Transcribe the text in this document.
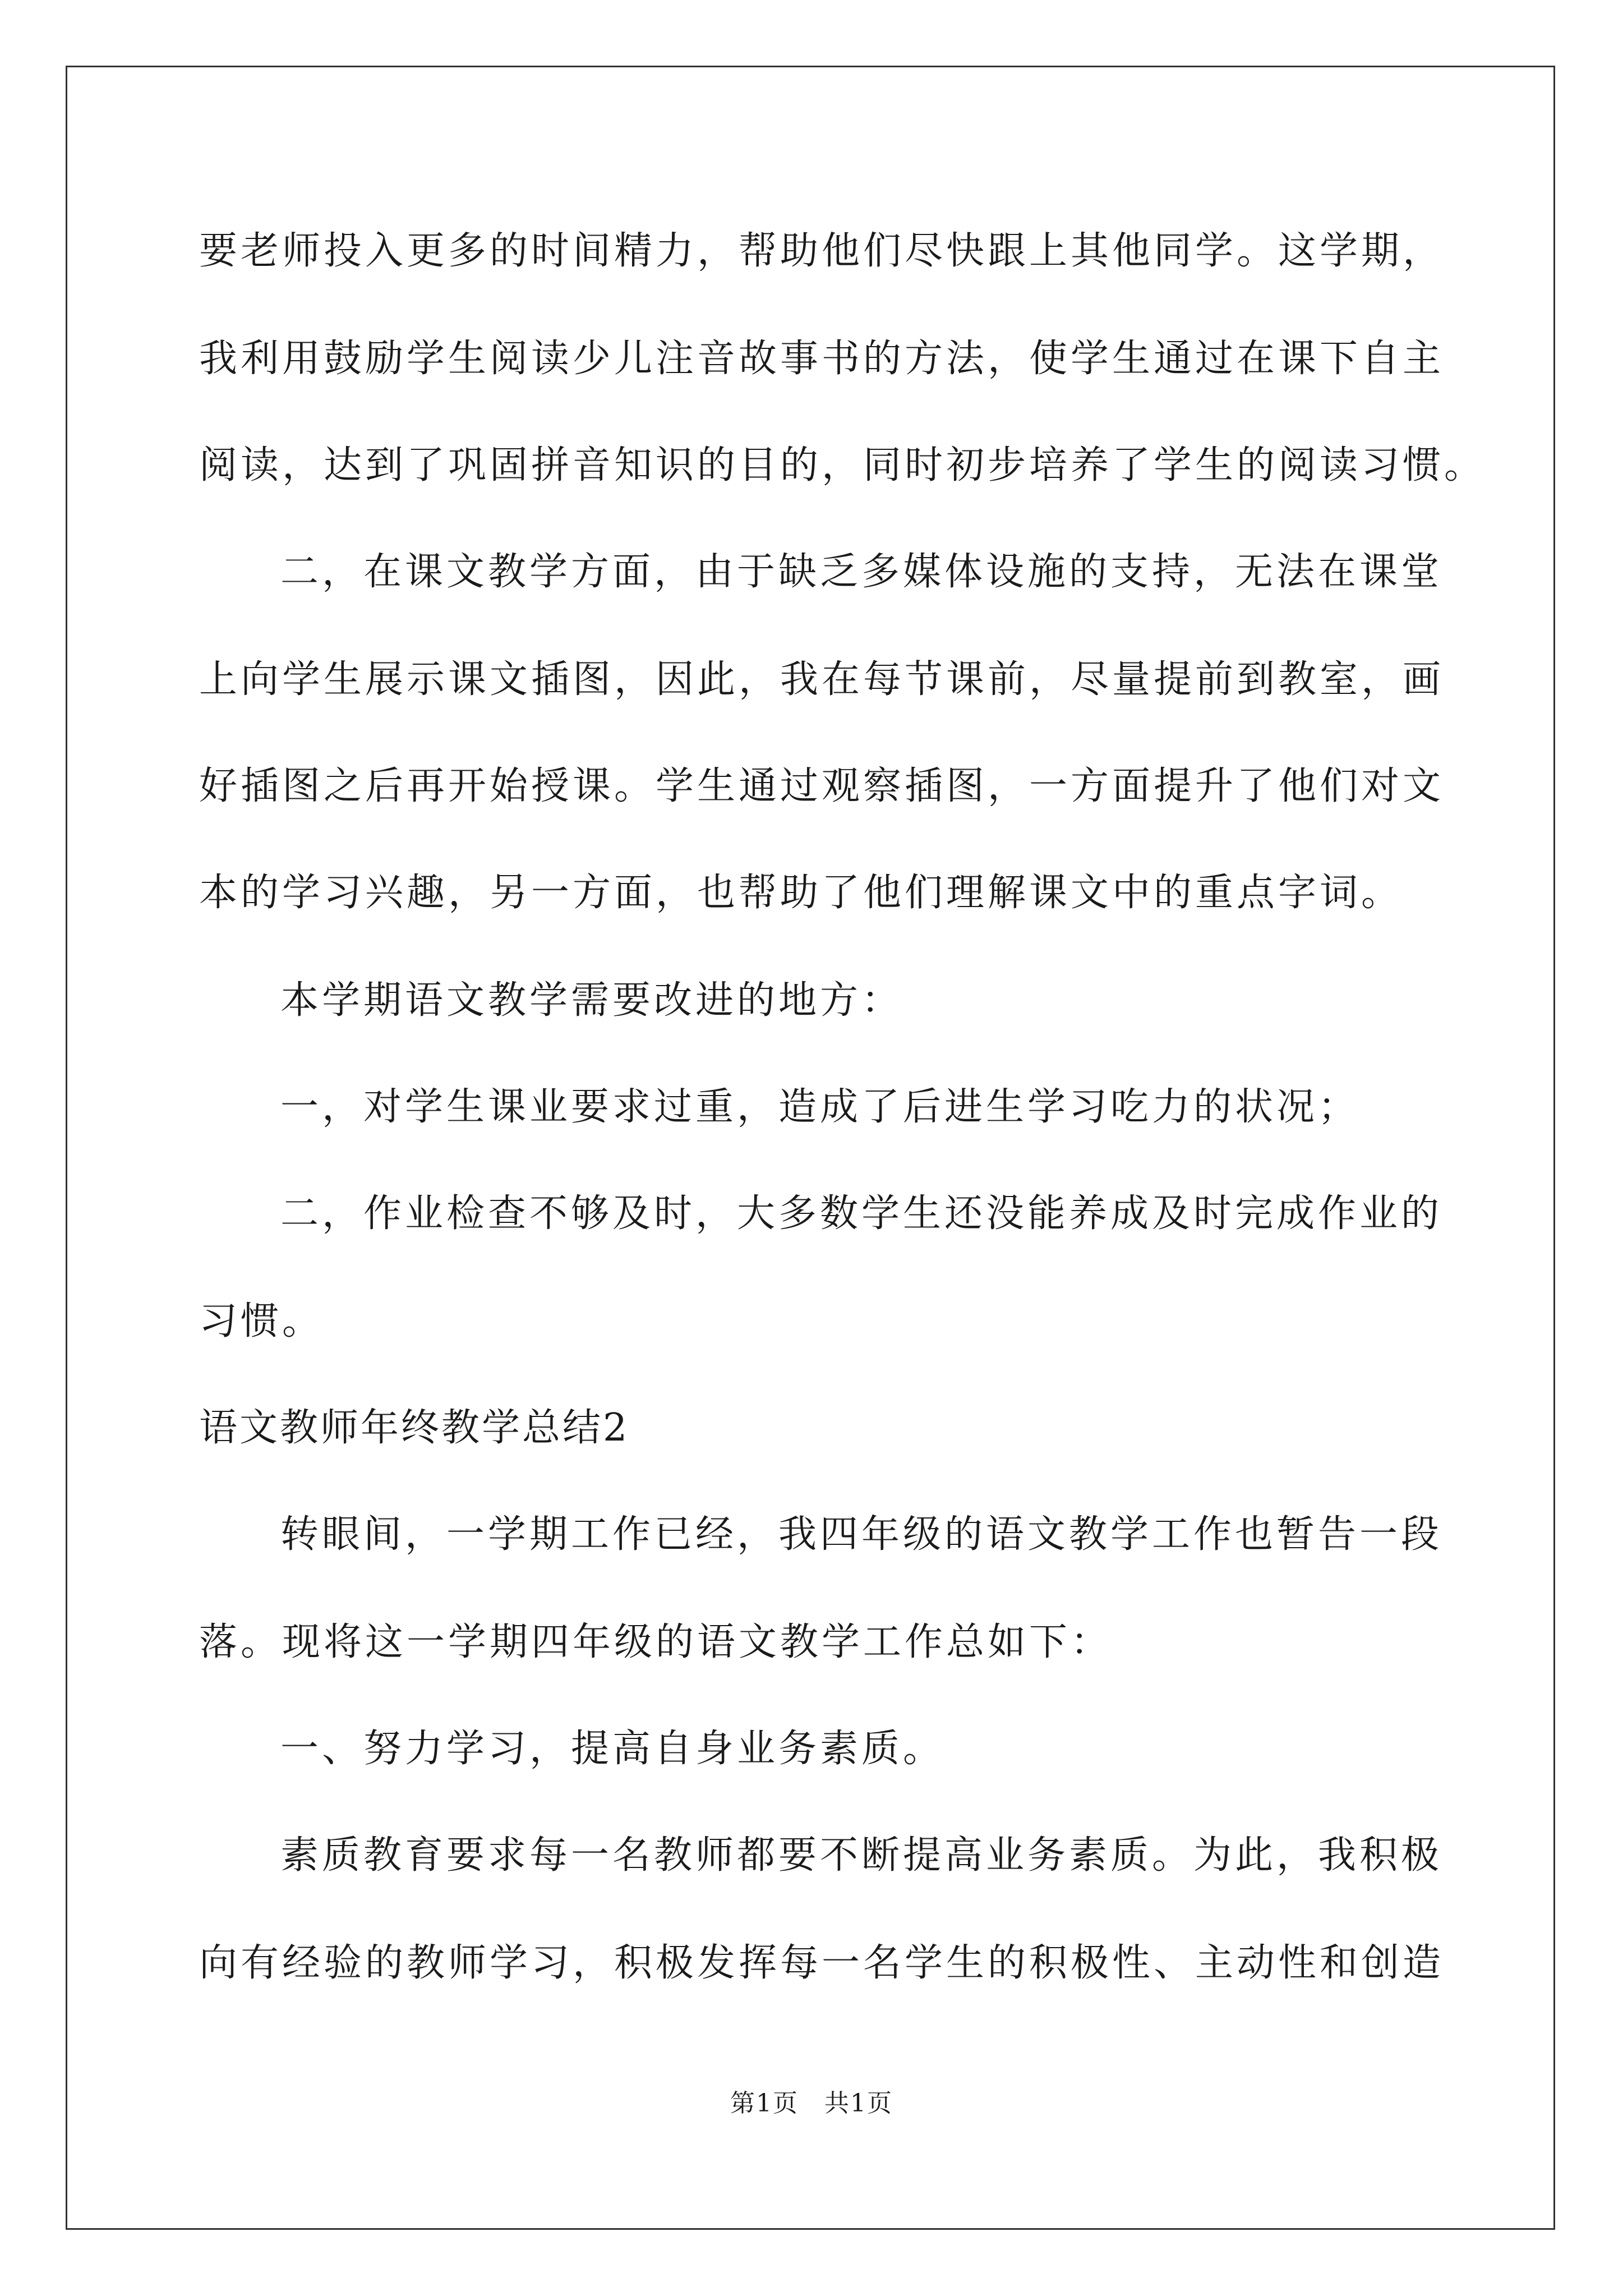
要老师投入更多的时间精力，帮助他们尽快跟上其他同学。这学期，
我利用鼓励学生阅读少儿注音故事书的方法，使学生通过在课下自主
阅读，达到了巩固拼音知识的目的，同时初步培养了学生的阅读习惯。
二，在课文教学方面，由于缺乏多媒体设施的支持，无法在课堂
上向学生展示课文插图，因此，我在每节课前，尽量提前到教室，画
好插图之后再开始授课。学生通过观察插图，一方面提升了他们对文
本的学习兴趣，另一方面，也帮助了他们理解课文中的重点字词。
本学期语文教学需要改进的地方：
一，对学生课业要求过重，造成了后进生学习吃力的状况；
二，作业检查不够及时，大多数学生还没能养成及时完成作业的
习惯。
语文教师年终教学总结2
转眼间，一学期工作已经，我四年级的语文教学工作也暂告一段
落。现将这一学期四年级的语文教学工作总如下：
一、努力学习，提高自身业务素质。
素质教育要求每一名教师都要不断提高业务素质。为此，我积极
向有经验的教师学习，积极发挥每一名学生的积极性、主动性和创造
第1页　共1页
